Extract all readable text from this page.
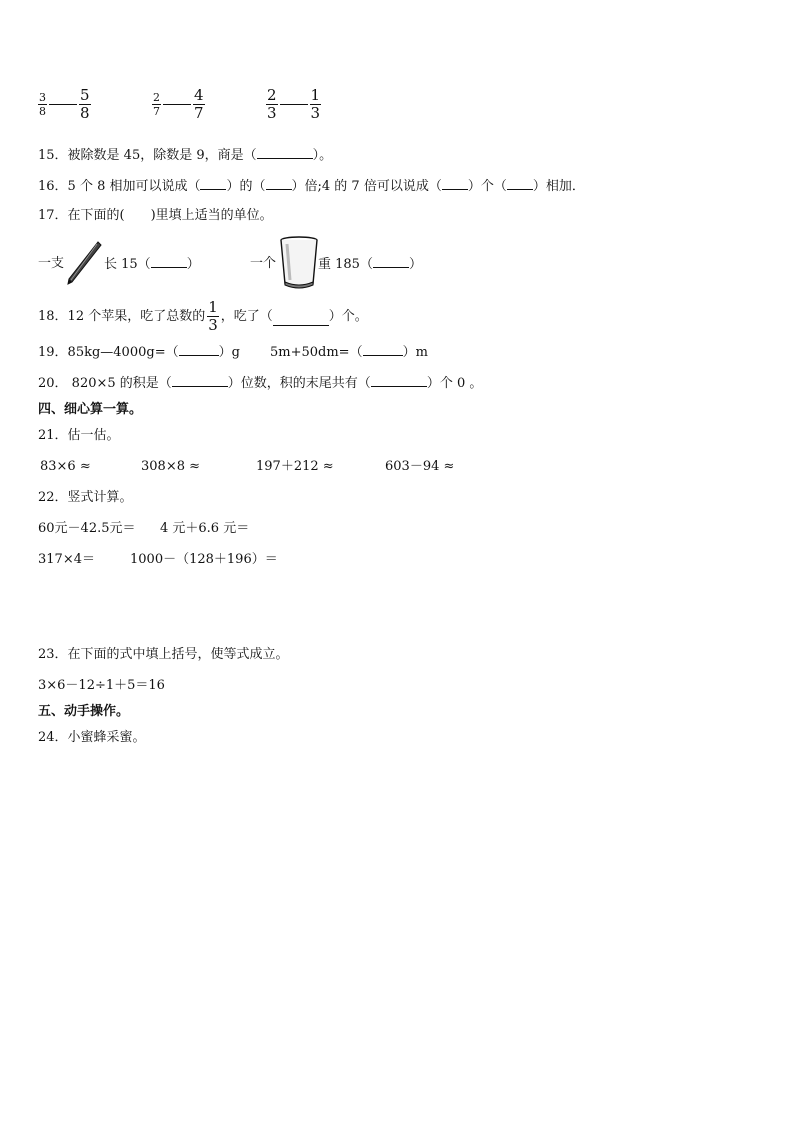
$\frac{3}{8} \frac{5}{8}$	$\frac{2}{7} \frac{4}{7}$	$\frac{2}{3} \frac{1}{3}$
15．被除数是 45，除数是 9，商是（	）。
16．5 个 8 相加可以说成（ ）的（ ）倍;4 的 7 倍可以说成（ ）个（ ）相加．
17．在下面的(　　)里填上适当的单位。
一支	长 15（	）	一个	重 185（	）
18．12 个苹果，吃了总数的 $\frac{1}{3}$ ，吃了（	）个。
19．85kg—4000g=（	）g 5m+50dm=（	）m
20． 820×5 的积是（	）位数，积的末尾共有（	）个 0 。
四、细心算一算。
21．估一估。
83×6 ≈	308×8 ≈	197＋212 ≈	603－94 ≈
22．竖式计算。
60元－42.5元＝ 4 元＋6.6 元＝
317×4＝	1000－（128＋196）＝
23．在下面的式中填上括号，使等式成立。
3×6－12÷1＋5＝16
五、动手操作。
24．小蜜蜂采蜜。
